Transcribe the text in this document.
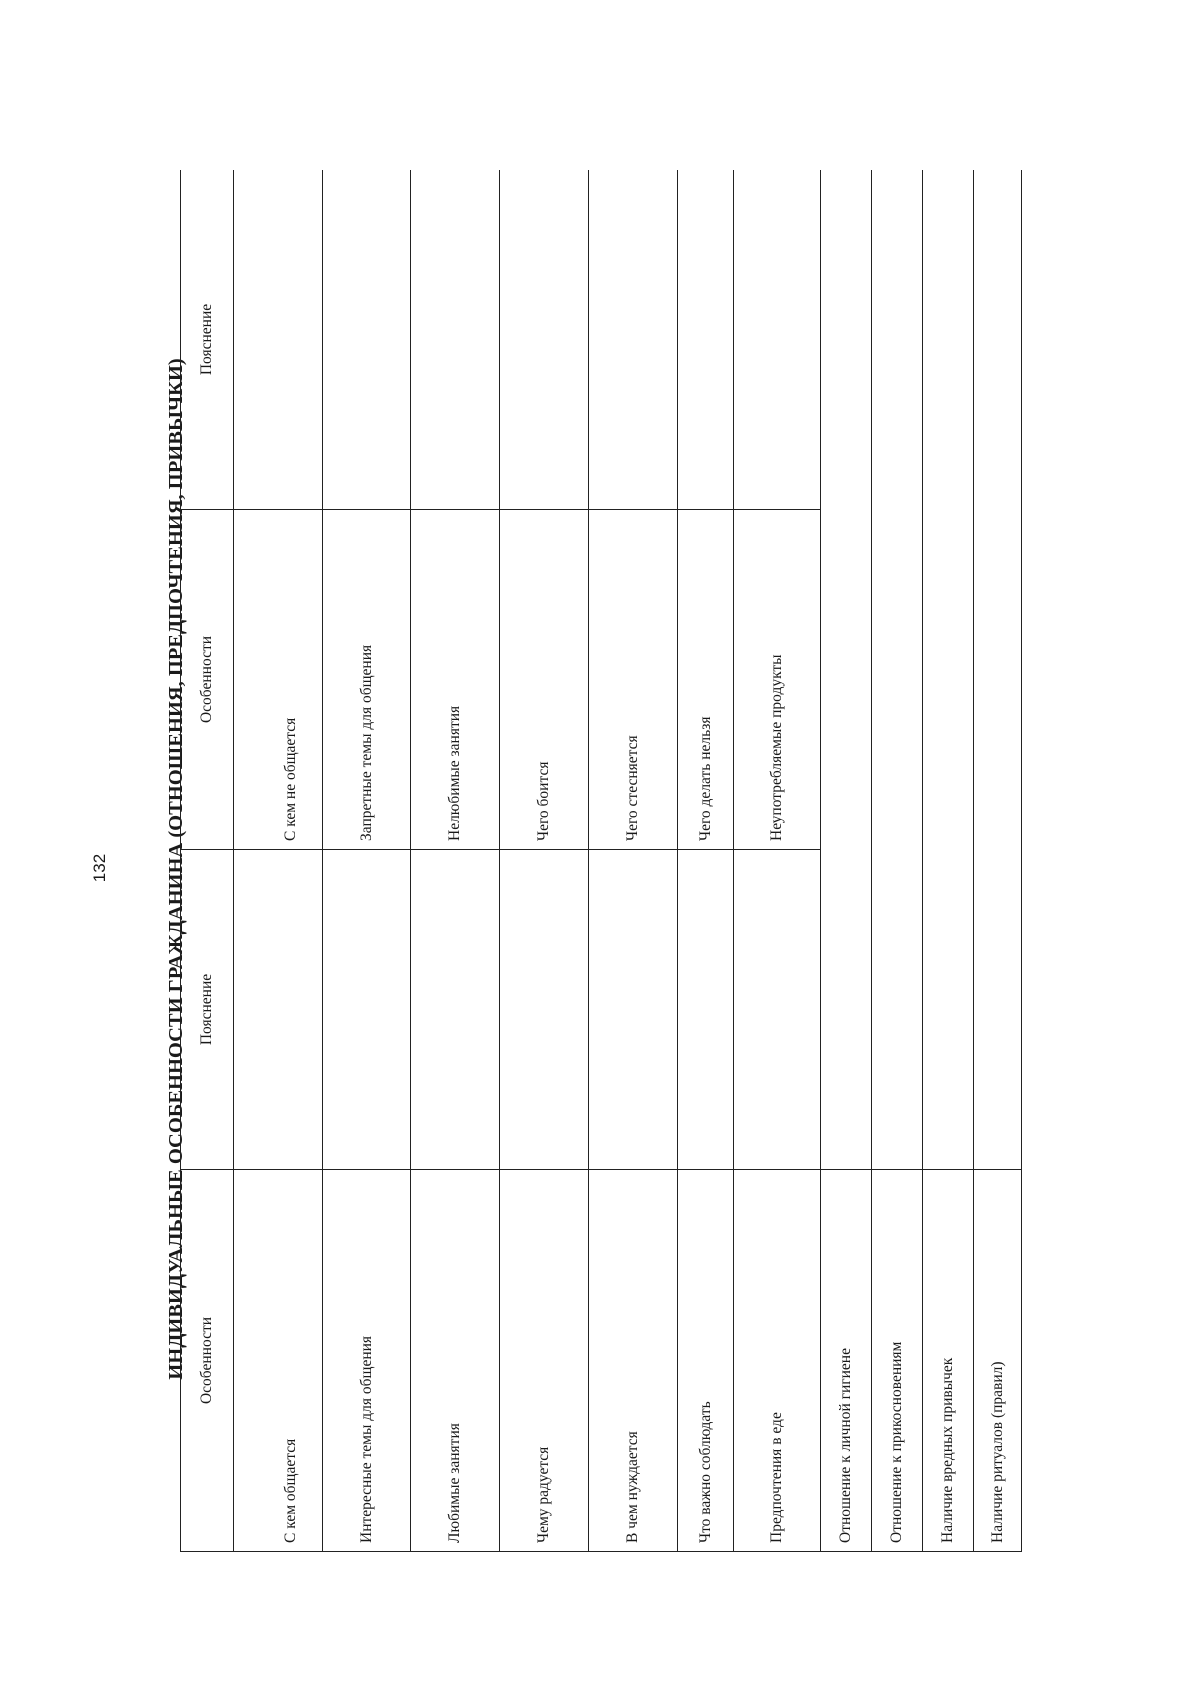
132	ИНДИВИДУАЛЬНЫЕ ОСОБЕННОСТИ ГРАЖДАНИНА (ОТНОШЕНИЯ, ПРЕДПОЧТЕНИЯ, ПРИВЫЧКИ) Особенности	Пояснение	Особенности	Пояснение
С кем общается		С кем не общается	
Интересные темы для общения		Запретные темы для общения	
Любимые занятия		Нелюбимые занятия	
Чему радуется		Чего боится	
В чем нуждается		Чего стесняется	
Что важно соблюдать		Чего делать нельзя	
Предпочтения в еде		Неупотребляемые продукты	
Отношение к личной гигиене			
Отношение к прикосновениям			
Наличие вредных привычек			
Наличие ритуалов (правил)			
